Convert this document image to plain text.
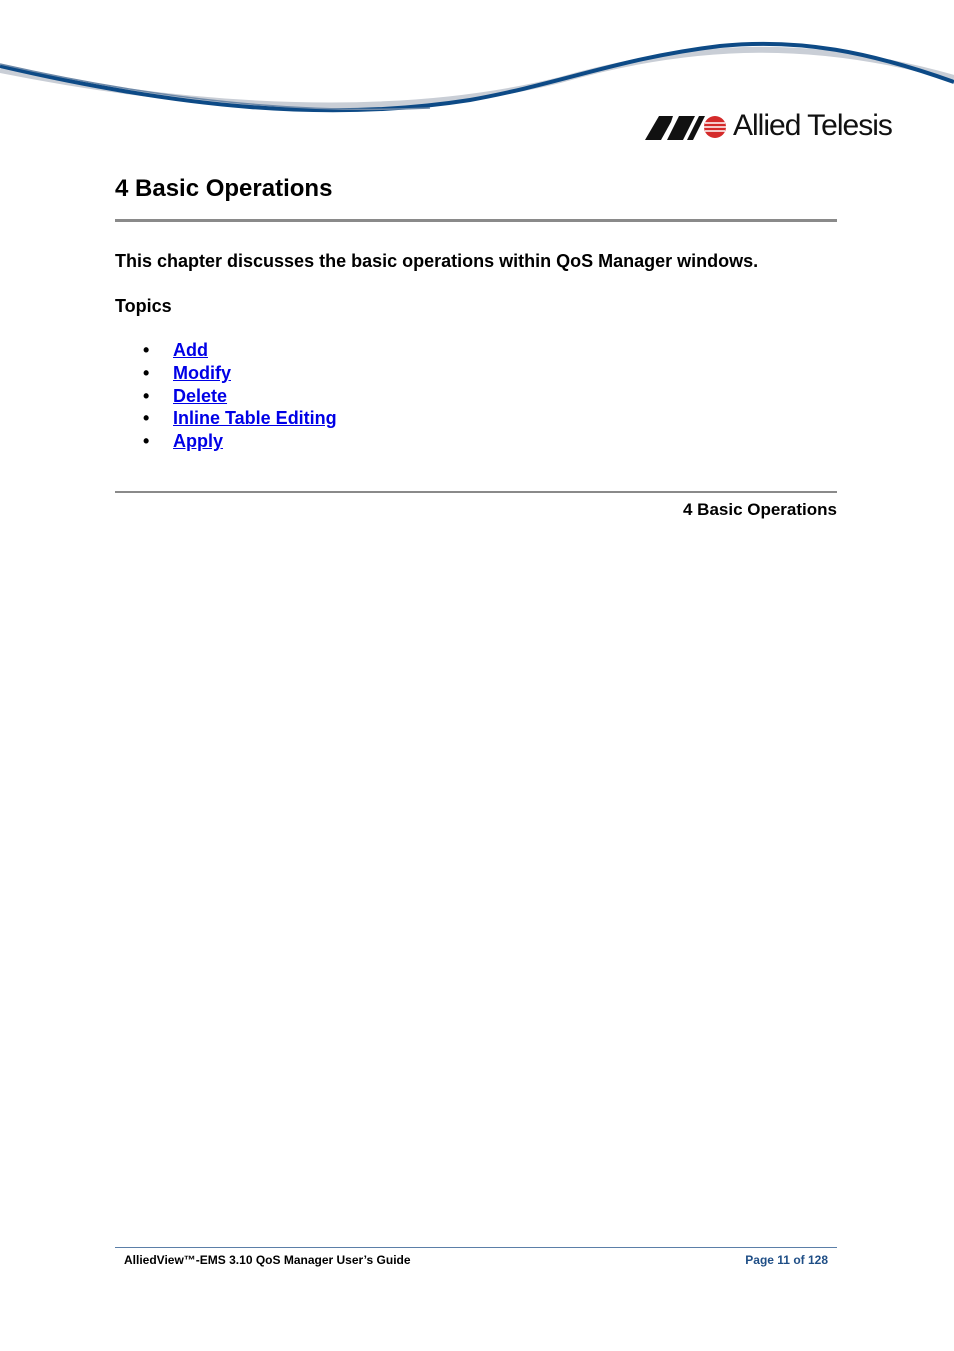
Allied Telesis
4 Basic Operations

This chapter discusses the basic operations within QoS Manager windows.

Topics

• Add
• Modify
• Delete
• Inline Table Editing
• Apply
4 Basic Operations
AlliedView™-EMS 3.10 QoS Manager User’s Guide	Page 11 of 128
